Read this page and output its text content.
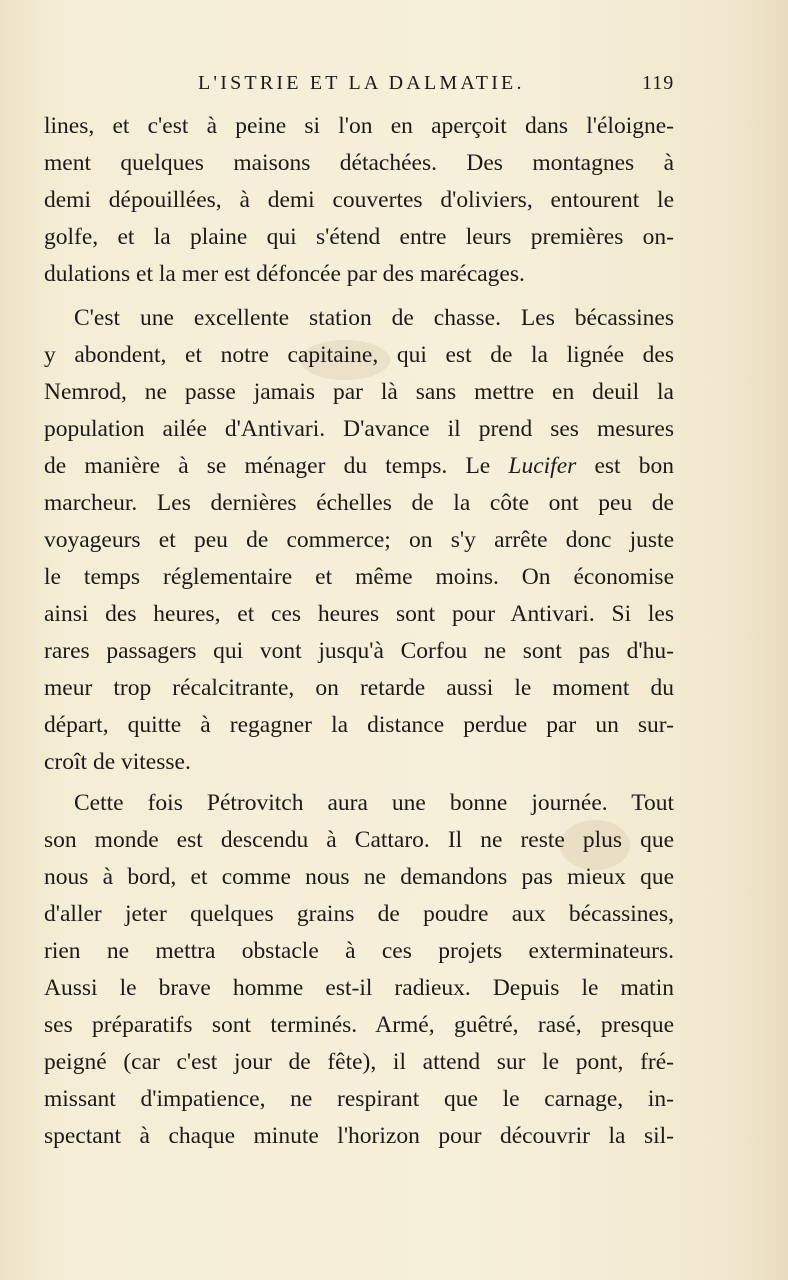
L'ISTRIE ET LA DALMATIE.	119
lines, et c'est à peine si l'on en aperçoit dans l'éloigne-
ment quelques maisons détachées. Des montagnes à
demi dépouillées, à demi couvertes d'oliviers, entourent le
golfe, et la plaine qui s'étend entre leurs premières on-
dulations et la mer est défoncée par des marécages.
C'est une excellente station de chasse. Les bécassines
y abondent, et notre capitaine, qui est de la lignée des
Nemrod, ne passe jamais par là sans mettre en deuil la
population ailée d'Antivari. D'avance il prend ses mesures
de manière à se ménager du temps. Le Lucifer est bon
marcheur. Les dernières échelles de la côte ont peu de
voyageurs et peu de commerce; on s'y arrête donc juste
le temps réglementaire et même moins. On économise
ainsi des heures, et ces heures sont pour Antivari. Si les
rares passagers qui vont jusqu'à Corfou ne sont pas d'hu-
meur trop récalcitrante, on retarde aussi le moment du
départ, quitte à regagner la distance perdue par un sur-
croît de vitesse.
Cette fois Pétrovitch aura une bonne journée. Tout
son monde est descendu à Cattaro. Il ne reste plus que
nous à bord, et comme nous ne demandons pas mieux que
d'aller jeter quelques grains de poudre aux bécassines,
rien ne mettra obstacle à ces projets exterminateurs.
Aussi le brave homme est-il radieux. Depuis le matin
ses préparatifs sont terminés. Armé, guêtré, rasé, presque
peigné (car c'est jour de fête), il attend sur le pont, fré-
missant d'impatience, ne respirant que le carnage, in-
spectant à chaque minute l'horizon pour découvrir la sil-
